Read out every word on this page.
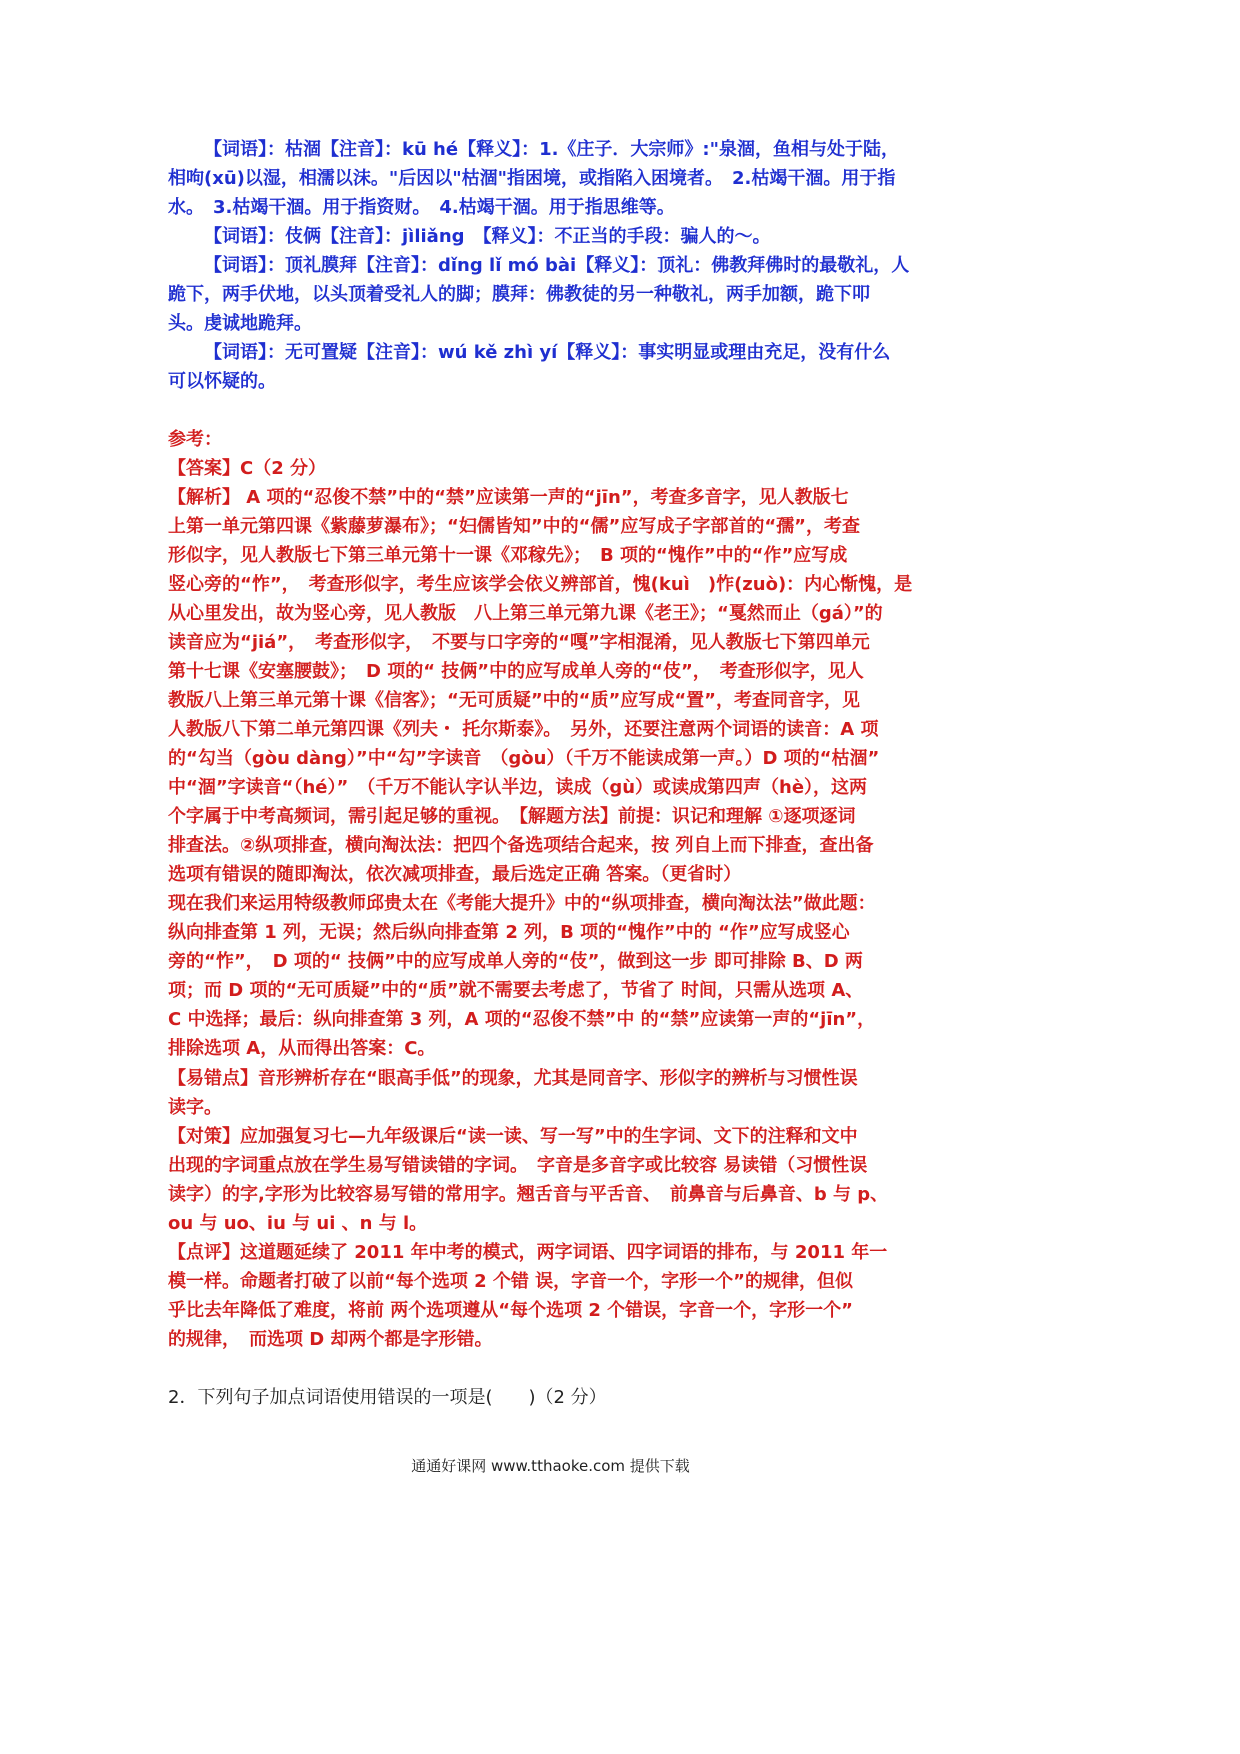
【词语】：枯涸【注音】：kū hé【释义】：1.《庄子．大宗师》:"泉涸，鱼相与处于陆，
相呴(xū)以湿，相濡以沫。"后因以"枯涸"指困境，或指陷入困境者。　2.枯竭干涸。用于指
水。　3.枯竭干涸。用于指资财。　4.枯竭干涸。用于指思维等。
【词语】：伎俩【注音】：jìliǎng　【释义】：不正当的手段：骗人的～。
【词语】：顶礼膜拜【注音】：dǐng lǐ mó bài【释义】：顶礼：佛教拜佛时的最敬礼，人
跪下，两手伏地，以头顶着受礼人的脚；膜拜：佛教徒的另一种敬礼，两手加额，跪下叩
头。虔诚地跪拜。
【词语】：无可置疑【注音】：wú kě zhì yí【释义】：事实明显或理由充足，没有什么
可以怀疑的。
参考：
【答案】C（2 分）
【解析】 A 项的“忍俊不禁”中的“禁”应读第一声的“jīn”，考查多音字，见人教版七
上第一单元第四课《紫藤萝瀑布》；“妇儒皆知”中的“儒”应写成子字部首的“孺”，考查
形似字，见人教版七下第三单元第十一课《邓稼先》；　B 项的“愧作”中的“作”应写成
竖心旁的“怍”，　考查形似字，考生应该学会依义辨部首，愧(kuì　)怍(zuò)：内心惭愧，是
从心里发出，故为竖心旁，见人教版　八上第三单元第九课《老王》；“戛然而止（gá）”的
读音应为“jiá”，　考查形似字，　不要与口字旁的“嘎”字相混淆，见人教版七下第四单元
第十七课《安塞腰鼓》；　D 项的“ 技俩”中的应写成单人旁的“伎”，　考查形似字，见人
教版八上第三单元第十课《信客》；“无可质疑”中的“质”应写成“置”，考查同音字，见
人教版八下第二单元第四课《列夫・ 托尔斯泰》。　另外，还要注意两个词语的读音：A 项
的“勾当（gòu dàng）”中“勾”字读音　（gòu）（千万不能读成第一声。）D 项的“枯涸”
中“涸”字读音“（hé）”　（千万不能认字认半边，读成（gù）或读成第四声（hè），这两
个字属于中考高频词，需引起足够的重视。　【解题方法】前提：识记和理解 ①逐项逐词
排查法。②纵项排查，横向淘汰法：把四个备选项结合起来，按 列自上而下排查，查出备
选项有错误的随即淘汰，依次减项排查，最后选定正确 答案。（更省时）
现在我们来运用特级教师邱贵太在《考能大提升》中的“纵项排查，横向淘汰法”做此题：
纵向排查第 1 列，无误；然后纵向排查第 2 列，B 项的“愧作”中的 “作”应写成竖心
旁的“怍”，　D 项的“ 技俩”中的应写成单人旁的“伎”，做到这一步 即可排除 B、D 两
项；而 D 项的“无可质疑”中的“质”就不需要去考虑了，节省了 时间，只需从选项 A、
C 中选择；最后：纵向排查第 3 列，A 项的“忍俊不禁”中 的“禁”应读第一声的“jīn”，
排除选项 A，从而得出答案：C。
【易错点】音形辨析存在“眼高手低”的现象，尤其是同音字、形似字的辨析与习惯性误
读字。
【对策】应加强复习七—九年级课后“读一读、写一写”中的生字词、文下的注释和文中
出现的字词重点放在学生易写错读错的字词。　字音是多音字或比较容 易读错（习惯性误
读字）的字,字形为比较容易写错的常用字。翘舌音与平舌音、　前鼻音与后鼻音、b 与 p、
ou 与 uo、iu 与 ui 、n 与 l。
【点评】这道题延续了 2011 年中考的模式，两字词语、四字词语的排布，与 2011 年一
模一样。命题者打破了以前“每个选项 2 个错 误，字音一个，字形一个”的规律，但似
乎比去年降低了难度，将前 两个选项遵从“每个选项 2 个错误，字音一个，字形一个”
的规律，　而选项 D 却两个都是字形错。
2．下列句子加点词语使用错误的一项是(　　)（2 分）
通通好课网 www.tthaoke.com 提供下载
